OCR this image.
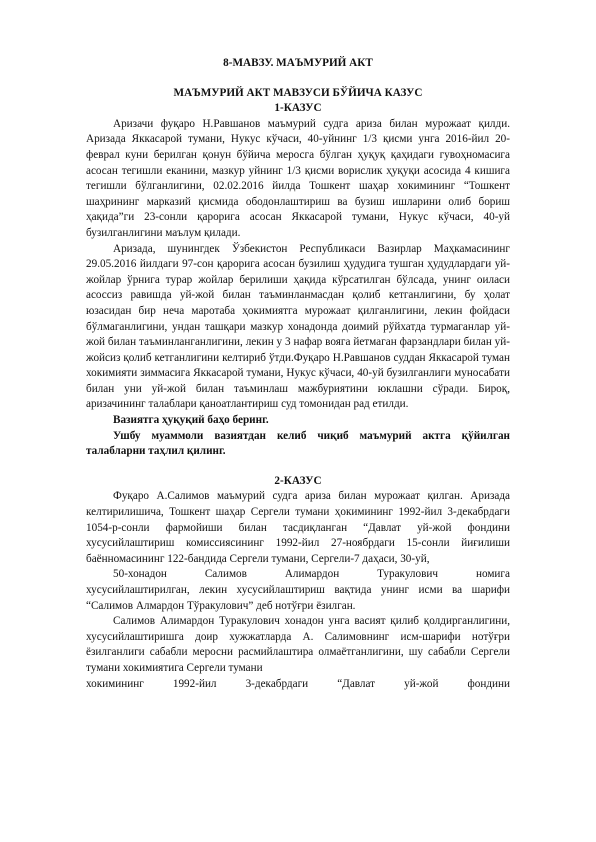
8-МАВЗУ. МАЪМУРИЙ АКТ
МАЪМУРИЙ АКТ МАВЗУСИ БЎЙИЧА КАЗУС
1-КАЗУС

Аризачи фуқаро Н.Равшанов маъмурий судга ариза билан мурожаат қилди. Аризада Яккасарой тумани, Нукус кўчаси, 40-уйнинг 1/3 қисми унга 2016-йил 20-феврал куни берилган қонун бўйича меросга бўлган ҳуқуқ қаҳидаги гувоҳномасига асосан тегишли еканини, мазкур уйнинг 1/3 қисми ворислик ҳуқуқи асосида 4 кишига тегишли бўлганлигини, 02.02.2016 йилда Тошкент шаҳар хокимининг “Тошкент шаҳрининг марказий қисмида ободонлаштириш ва бузиш ишларини олиб бориш ҳақида”ги 23-сонли қарорига асосан Яккасарой тумани, Нукус кўчаси, 40-уй бузилганлигини маълум қилади.

Аризада, шунингдек Ўзбекистон Республикаси Вазирлар Маҳкамасининг 29.05.2016 йилдаги 97-сон қарорига асосан бузилиш ҳудудига тушган ҳудудлардаги уй-жойлар ўрнига турар жойлар берилиши ҳақида кўрсатилган бўлсада, унинг оиласи асоссиз равишда уй-жой билан таъминланмасдан қолиб кетганлигини, бу ҳолат юзасидан бир неча маротаба ҳокимиятга мурожаат қилганлигини, лекин фойдаси бўлмаганлигини, ундан ташқари мазкур хонадонда доимий рўйхатда турмаганлар уй-жой билан таъминланганлигини, лекин у 3 нафар вояга йетмаган фарзандлари билан уй-жойсиз қолиб кетганлигини келтириб ўтди.Фуқаро Н.Равшанов суддан Яккасарой туман хокимияти зиммасига Яккасарой тумани, Нукус кўчаси, 40-уй бузилганлиги муносабати билан уни уй-жой билан таъминлаш мажбуриятини юклашни сўради. Бироқ, аризачининг талаблари қаноатлантириш суд томонидан рад етилди.

Вазиятга ҳуқуқий баҳо беринг.

Ушбу муаммоли вазиятдан келиб чиқиб маъмурий актга қўйилган талабларни таҳлил қилинг.

2-КАЗУС

Фуқаро А.Салимов маъмурий судга ариза билан мурожаат қилган. Аризада келтирилишича, Тошкент шаҳар Сергели тумани ҳокимининг 1992-йил 3-декабрдаги 1054-р-сонли фармойиши билан тасдиқланган “Давлат уй-жой фондини хусусийлаштириш комиссиясининг 1992-йил 27-ноябрдаги 15-сонли йиғилиши баённомасининг 122-бандида Сергели тумани, Сергели-7 даҳаси, 30-уй,

50-хонадон	Салимов	Алимардон	Туракулович	номига

хусусийлаштирилган, лекин хусусийлаштириш вақтида унинг исми ва шарифи “Салимов Алмардон Тўракулович” деб нотўғри ёзилган.

Салимов Алимардон Туракулович хонадон унга васият қилиб қолдирганлигини, хусусийлаштиришга доир хужжатларда А. Салимовнинг исм-шарифи нотўғри ёзилганлиги сабабли меросни расмийлаштира олмаётганлигини, шу сабабли Сергели тумани хокимиятига Сергели тумани

хокимининг	1992-йил	3-декабрдаги	“Давлат	уй-жой	фондини
